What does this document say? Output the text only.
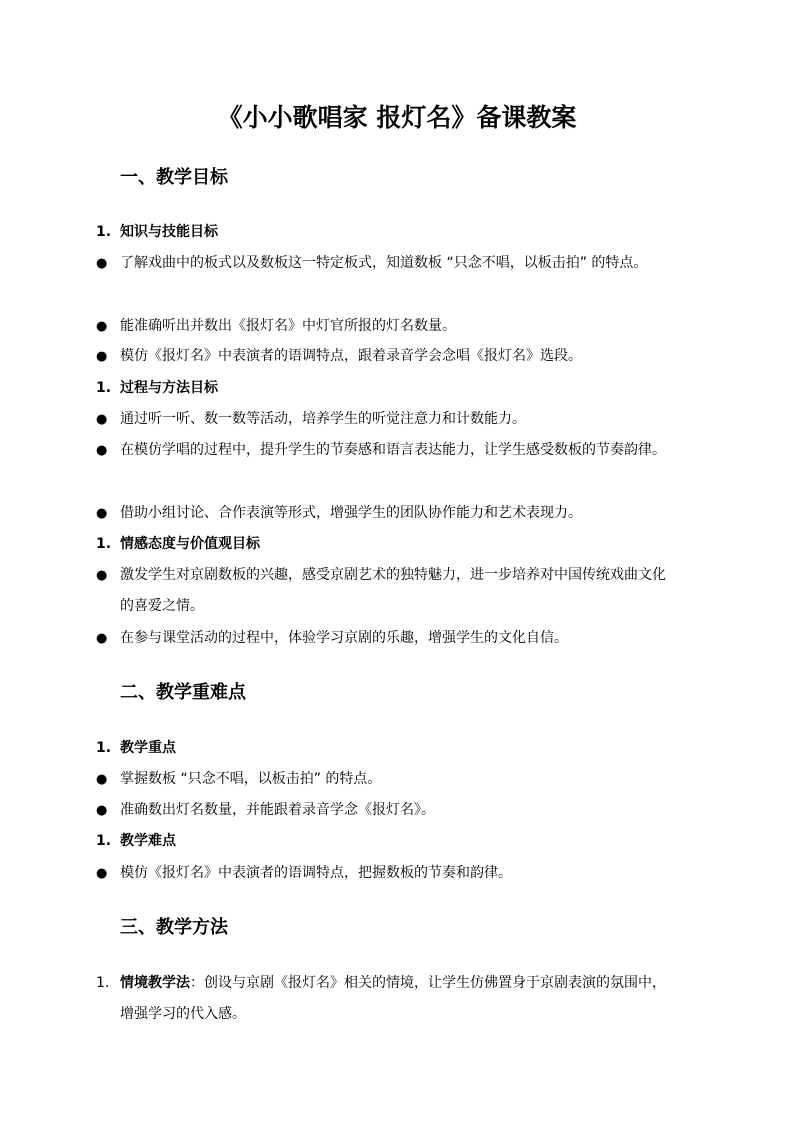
《小小歌唱家 报灯名》备课教案
一、教学目标
1. 知识与技能目标
● 了解戏曲中的板式以及数板这一特定板式，知道数板 “只念不唱，以板击拍” 的特点。
● 能准确听出并数出《报灯名》中灯官所报的灯名数量。
● 模仿《报灯名》中表演者的语调特点，跟着录音学会念唱《报灯名》选段。
1. 过程与方法目标
● 通过听一听、数一数等活动，培养学生的听觉注意力和计数能力。
● 在模仿学唱的过程中，提升学生的节奏感和语言表达能力，让学生感受数板的节奏韵律。
● 借助小组讨论、合作表演等形式，增强学生的团队协作能力和艺术表现力。
1. 情感态度与价值观目标
● 激发学生对京剧数板的兴趣，感受京剧艺术的独特魅力，进一步培养对中国传统戏曲文化的喜爱之情。
● 在参与课堂活动的过程中，体验学习京剧的乐趣，增强学生的文化自信。
二、教学重难点
1. 教学重点
● 掌握数板 “只念不唱，以板击拍” 的特点。
● 准确数出灯名数量，并能跟着录音学念《报灯名》。
1. 教学难点
● 模仿《报灯名》中表演者的语调特点，把握数板的节奏和韵律。
三、教学方法
1. 情境教学法：创设与京剧《报灯名》相关的情境，让学生仿佛置身于京剧表演的氛围中，增强学习的代入感。
